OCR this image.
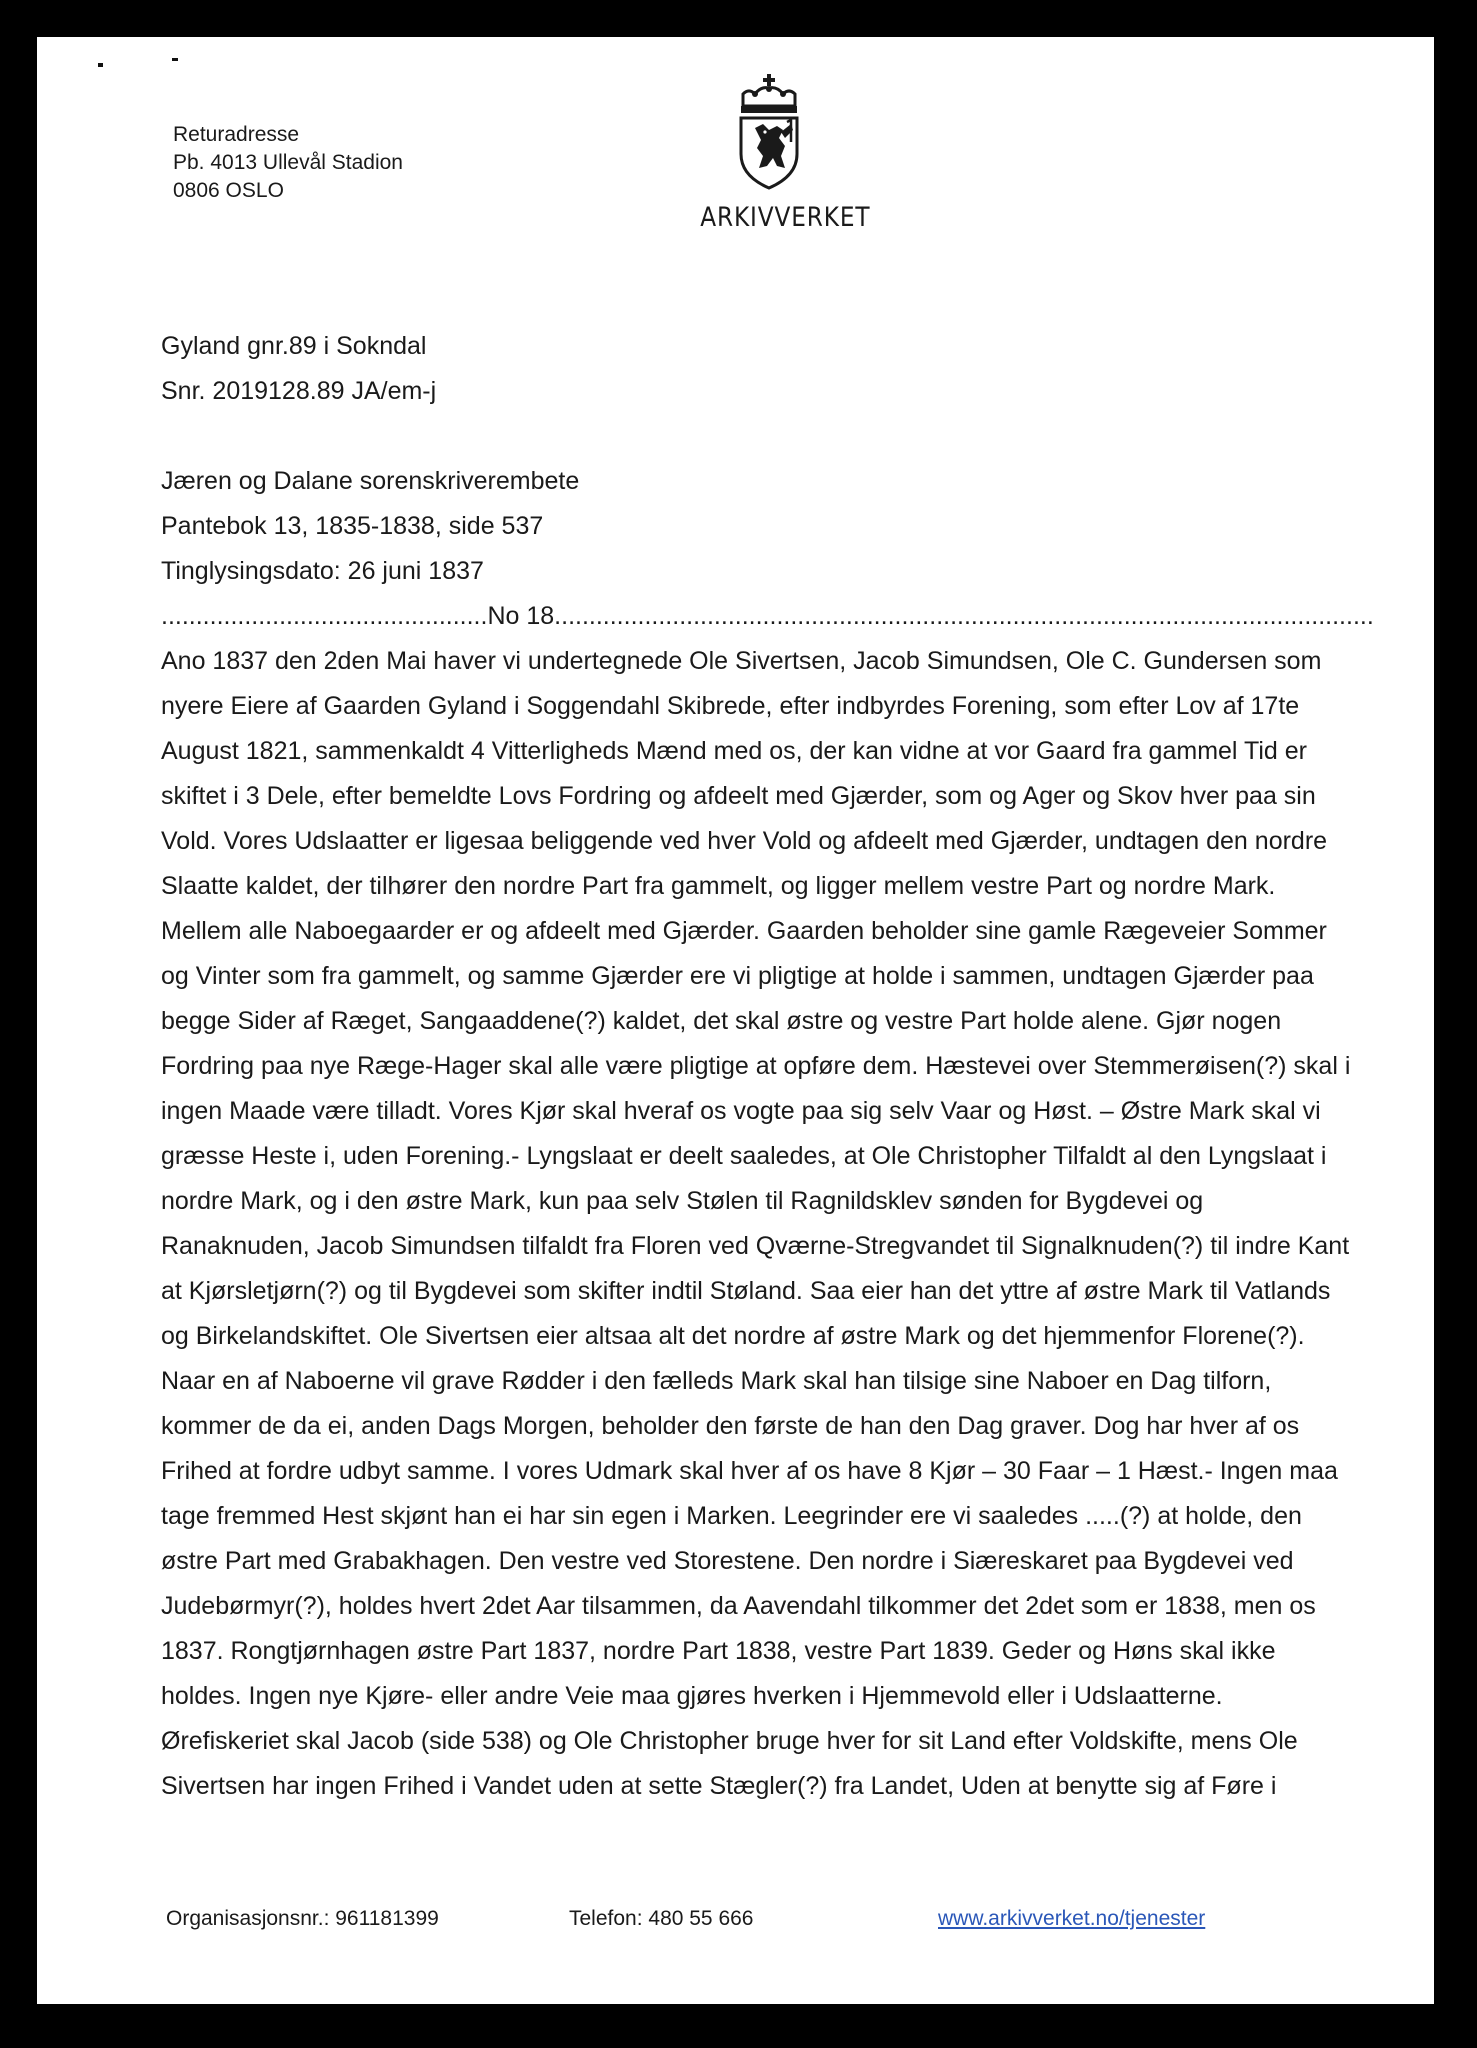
Returadresse
Pb. 4013 Ullevål Stadion
0806 OSLO
ARKIVVERKET
Gyland gnr.89 i Sokndal
Snr. 2019128.89 JA/em-j
Jæren og Dalane sorenskriverembete
Pantebok 13, 1835-1838, side 537
Tinglysingsdato: 26 juni 1837
...............................................No 18......................................................................................................................
Ano 1837 den 2den Mai haver vi undertegnede Ole Sivertsen, Jacob Simundsen, Ole C. Gundersen som
nyere Eiere af Gaarden Gyland i Soggendahl Skibrede, efter indbyrdes Forening, som efter Lov af 17te
August 1821, sammenkaldt 4 Vitterligheds Mænd med os, der kan vidne at vor Gaard fra gammel Tid er
skiftet i 3 Dele, efter bemeldte Lovs Fordring og afdeelt med Gjærder, som og Ager og Skov hver paa sin
Vold. Vores Udslaatter er ligesaa beliggende ved hver Vold og afdeelt med Gjærder, undtagen den nordre
Slaatte kaldet, der tilhører den nordre Part fra gammelt, og ligger mellem vestre Part og nordre Mark.
Mellem alle Naboegaarder er og afdeelt med Gjærder. Gaarden beholder sine gamle Rægeveier Sommer
og Vinter som fra gammelt, og samme Gjærder ere vi pligtige at holde i sammen, undtagen Gjærder paa
begge Sider af Ræget, Sangaaddene(?) kaldet, det skal østre og vestre Part holde alene. Gjør nogen
Fordring paa nye Ræge-Hager skal alle være pligtige at opføre dem. Hæstevei over Stemmerøisen(?) skal i
ingen Maade være tilladt. Vores Kjør skal hveraf os vogte paa sig selv Vaar og Høst. – Østre Mark skal vi
græsse Heste i, uden Forening.- Lyngslaat er deelt saaledes, at Ole Christopher Tilfaldt al den Lyngslaat i
nordre Mark, og i den østre Mark, kun paa selv Stølen til Ragnildsklev sønden for Bygdevei og
Ranaknuden, Jacob Simundsen tilfaldt fra Floren ved Qværne-Stregvandet til Signalknuden(?) til indre Kant
at Kjørsletjørn(?) og til Bygdevei som skifter indtil Støland. Saa eier han det yttre af østre Mark til Vatlands
og Birkelandskiftet. Ole Sivertsen eier altsaa alt det nordre af østre Mark og det hjemmenfor Florene(?).
Naar en af Naboerne vil grave Rødder i den fælleds Mark skal han tilsige sine Naboer en Dag tilforn,
kommer de da ei, anden Dags Morgen, beholder den første de han den Dag graver. Dog har hver af os
Frihed at fordre udbyt samme. I vores Udmark skal hver af os have 8 Kjør – 30 Faar – 1 Hæst.- Ingen maa
tage fremmed Hest skjønt han ei har sin egen i Marken. Leegrinder ere vi saaledes .....(?) at holde, den
østre Part med Grabakhagen. Den vestre ved Storestene. Den nordre i Siæreskaret paa Bygdevei ved
Judebørmyr(?), holdes hvert 2det Aar tilsammen, da Aavendahl tilkommer det 2det som er 1838, men os
1837. Rongtjørnhagen østre Part 1837, nordre Part 1838, vestre Part 1839. Geder og Høns skal ikke
holdes. Ingen nye Kjøre- eller andre Veie maa gjøres hverken i Hjemmevold eller i Udslaatterne.
Ørefiskeriet skal Jacob (side 538) og Ole Christopher bruge hver for sit Land efter Voldskifte, mens Ole
Sivertsen har ingen Frihed i Vandet uden at sette Stægler(?) fra Landet, Uden at benytte sig af Føre i
Organisasjonsnr.: 961181399	Telefon: 480 55 666	www.arkivverket.no/tjenester
